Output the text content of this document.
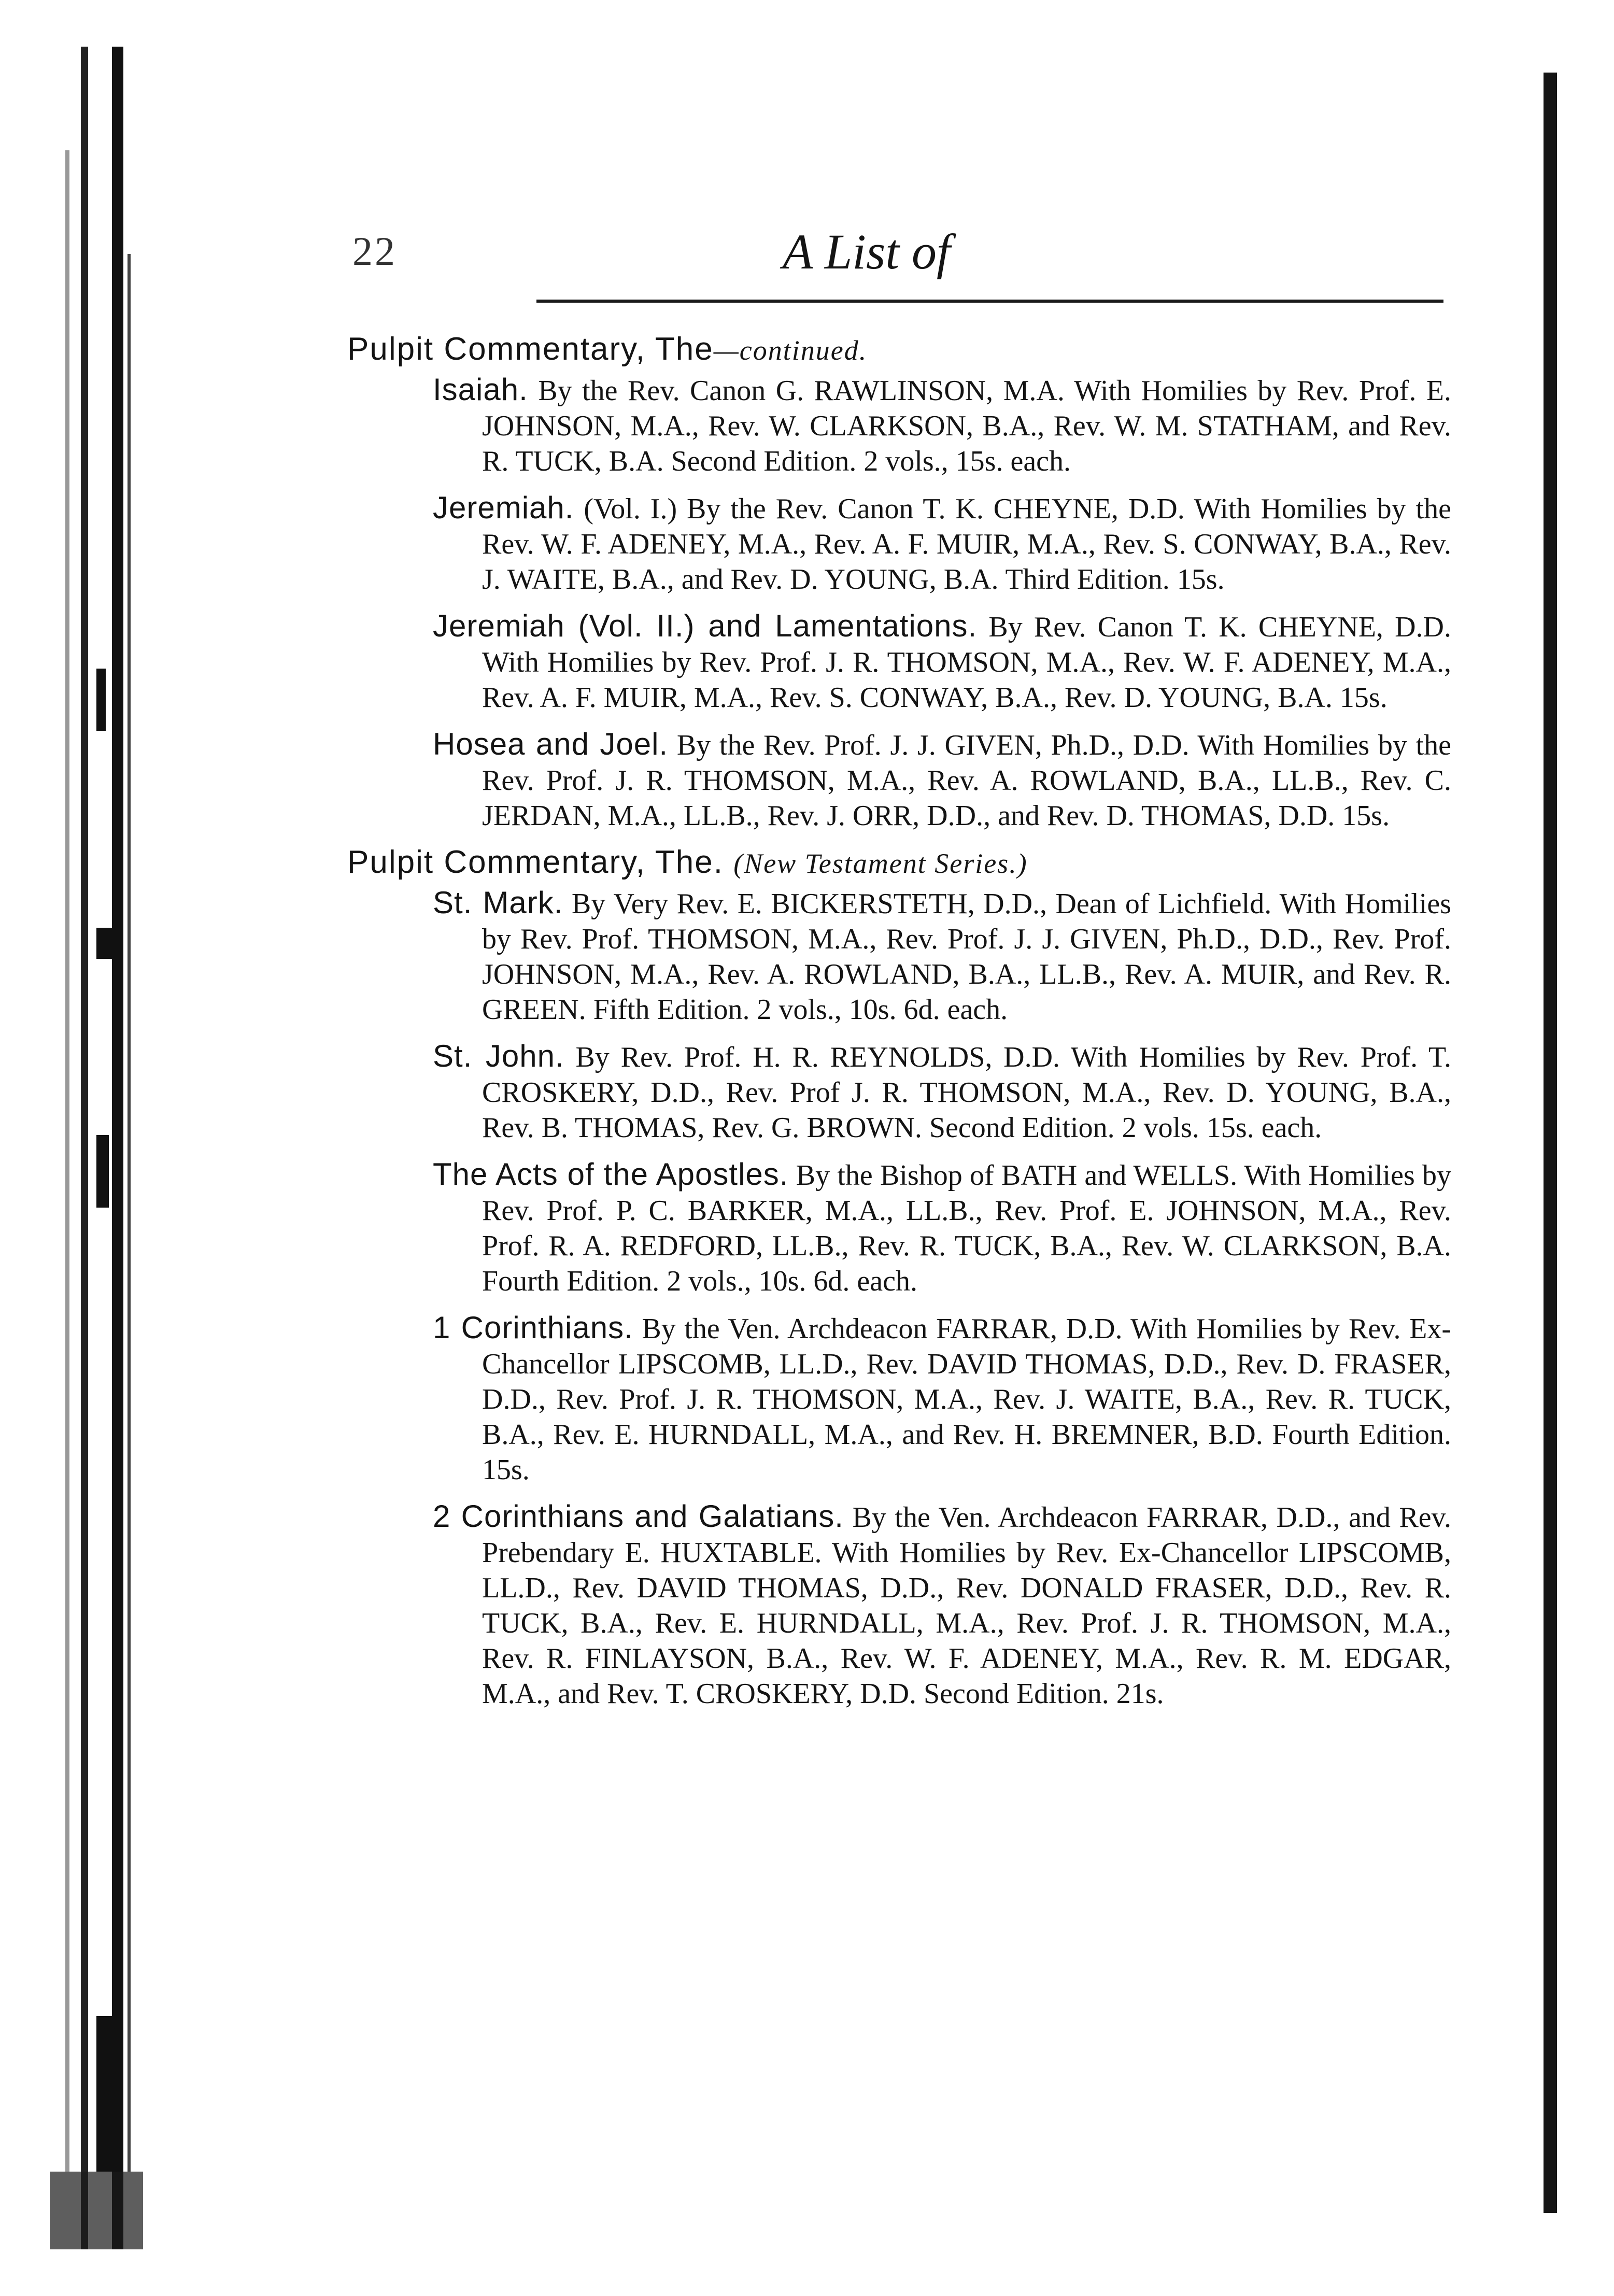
22	A List of
Pulpit Commentary, The—continued.

Isaiah. By the Rev. Canon G. RAWLINSON, M.A. With Homilies by Rev. Prof. E. JOHNSON, M.A., Rev. W. CLARKSON, B.A., Rev. W. M. STATHAM, and Rev. R. TUCK, B.A. Second Edition. 2 vols., 15s. each.

Jeremiah. (Vol. I.) By the Rev. Canon T. K. CHEYNE, D.D. With Homilies by the Rev. W. F. ADENEY, M.A., Rev. A. F. MUIR, M.A., Rev. S. CONWAY, B.A., Rev. J. WAITE, B.A., and Rev. D. YOUNG, B.A. Third Edition. 15s.

Jeremiah (Vol. II.) and Lamentations. By Rev. Canon T. K. CHEYNE, D.D. With Homilies by Rev. Prof. J. R. THOMSON, M.A., Rev. W. F. ADENEY, M.A., Rev. A. F. MUIR, M.A., Rev. S. CONWAY, B.A., Rev. D. YOUNG, B.A. 15s.

Hosea and Joel. By the Rev. Prof. J. J. GIVEN, Ph.D., D.D. With Homilies by the Rev. Prof. J. R. THOMSON, M.A., Rev. A. ROWLAND, B.A., LL.B., Rev. C. JERDAN, M.A., LL.B., Rev. J. ORR, D.D., and Rev. D. THOMAS, D.D. 15s.

Pulpit Commentary, The. (New Testament Series.)

St. Mark. By Very Rev. E. BICKERSTETH, D.D., Dean of Lichfield. With Homilies by Rev. Prof. THOMSON, M.A., Rev. Prof. J. J. GIVEN, Ph.D., D.D., Rev. Prof. JOHNSON, M.A., Rev. A. ROWLAND, B.A., LL.B., Rev. A. MUIR, and Rev. R. GREEN. Fifth Edition. 2 vols., 10s. 6d. each.

St. John. By Rev. Prof. H. R. REYNOLDS, D.D. With Homilies by Rev. Prof. T. CROSKERY, D.D., Rev. Prof J. R. THOMSON, M.A., Rev. D. YOUNG, B.A., Rev. B. THOMAS, Rev. G. BROWN. Second Edition. 2 vols. 15s. each.

The Acts of the Apostles. By the Bishop of BATH and WELLS. With Homilies by Rev. Prof. P. C. BARKER, M.A., LL.B., Rev. Prof. E. JOHNSON, M.A., Rev. Prof. R. A. REDFORD, LL.B., Rev. R. TUCK, B.A., Rev. W. CLARKSON, B.A. Fourth Edition. 2 vols., 10s. 6d. each.

1 Corinthians. By the Ven. Archdeacon FARRAR, D.D. With Homilies by Rev. Ex-Chancellor LIPSCOMB, LL.D., Rev. DAVID THOMAS, D.D., Rev. D. FRASER, D.D., Rev. Prof. J. R. THOMSON, M.A., Rev. J. WAITE, B.A., Rev. R. TUCK, B.A., Rev. E. HURNDALL, M.A., and Rev. H. BREMNER, B.D. Fourth Edition. 15s.

2 Corinthians and Galatians. By the Ven. Archdeacon FARRAR, D.D., and Rev. Prebendary E. HUXTABLE. With Homilies by Rev. Ex-Chancellor LIPSCOMB, LL.D., Rev. DAVID THOMAS, D.D., Rev. DONALD FRASER, D.D., Rev. R. TUCK, B.A., Rev. E. HURNDALL, M.A., Rev. Prof. J. R. THOMSON, M.A., Rev. R. FINLAYSON, B.A., Rev. W. F. ADENEY, M.A., Rev. R. M. EDGAR, M.A., and Rev. T. CROSKERY, D.D. Second Edition. 21s.
